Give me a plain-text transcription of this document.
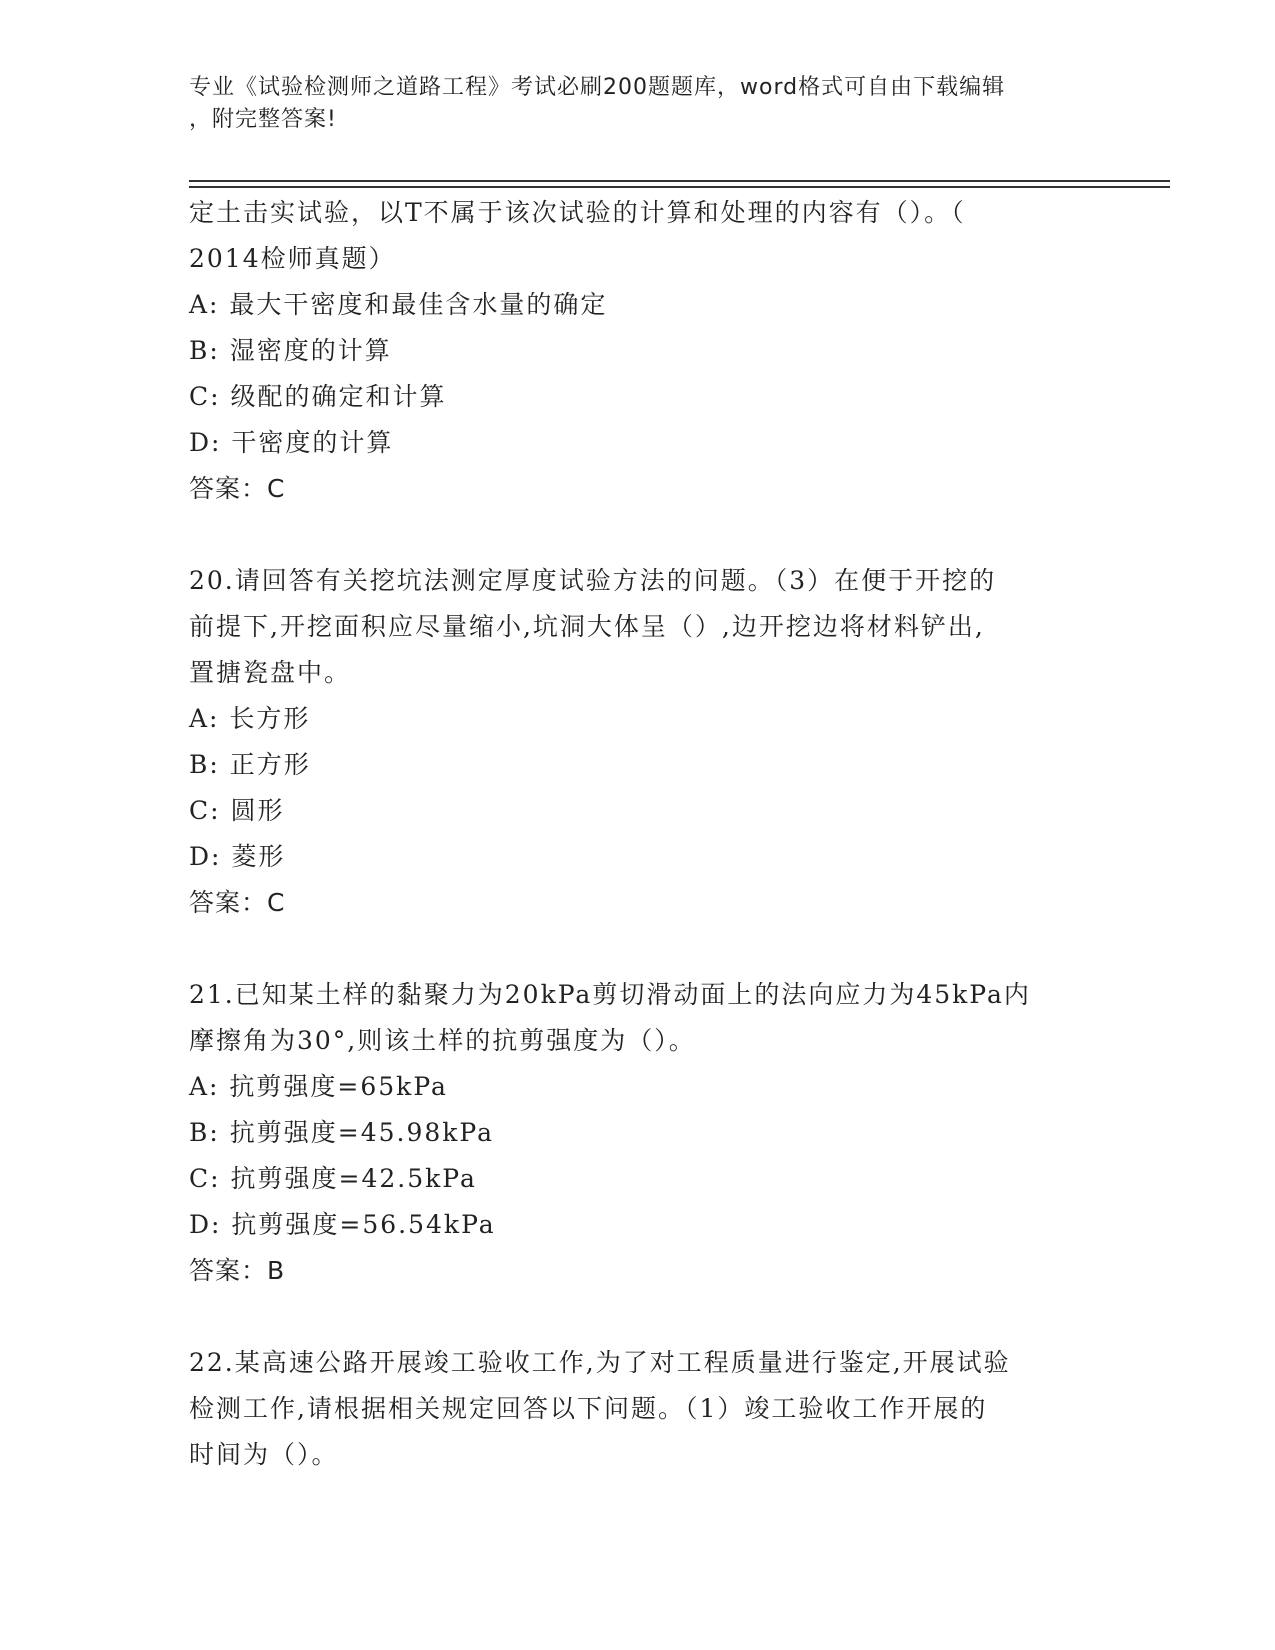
专业《试验检测师之道路工程》考试必刷200题题库，word格式可自由下载编辑
，附完整答案!
定土击实试验，以T不属于该次试验的计算和处理的内容有（）。（
2014检师真题）
A: 最大干密度和最佳含水量的确定
B: 湿密度的计算
C: 级配的确定和计算
D: 干密度的计算
答案：C
20.请回答有关挖坑法测定厚度试验方法的问题。（3）在便于开挖的
前提下,开挖面积应尽量缩小,坑洞大体呈（）,边开挖边将材料铲出,
置搪瓷盘中。
A: 长方形
B: 正方形
C: 圆形
D: 菱形
答案：C
21.已知某土样的黏聚力为20kPa剪切滑动面上的法向应力为45kPa内
摩擦角为30°,则该土样的抗剪强度为（）。
A: 抗剪强度=65kPa
B: 抗剪强度=45.98kPa
C: 抗剪强度=42.5kPa
D: 抗剪强度=56.54kPa
答案：B
22.某高速公路开展竣工验收工作,为了对工程质量进行鉴定,开展试验
检测工作,请根据相关规定回答以下问题。（1）竣工验收工作开展的
时间为（）。
